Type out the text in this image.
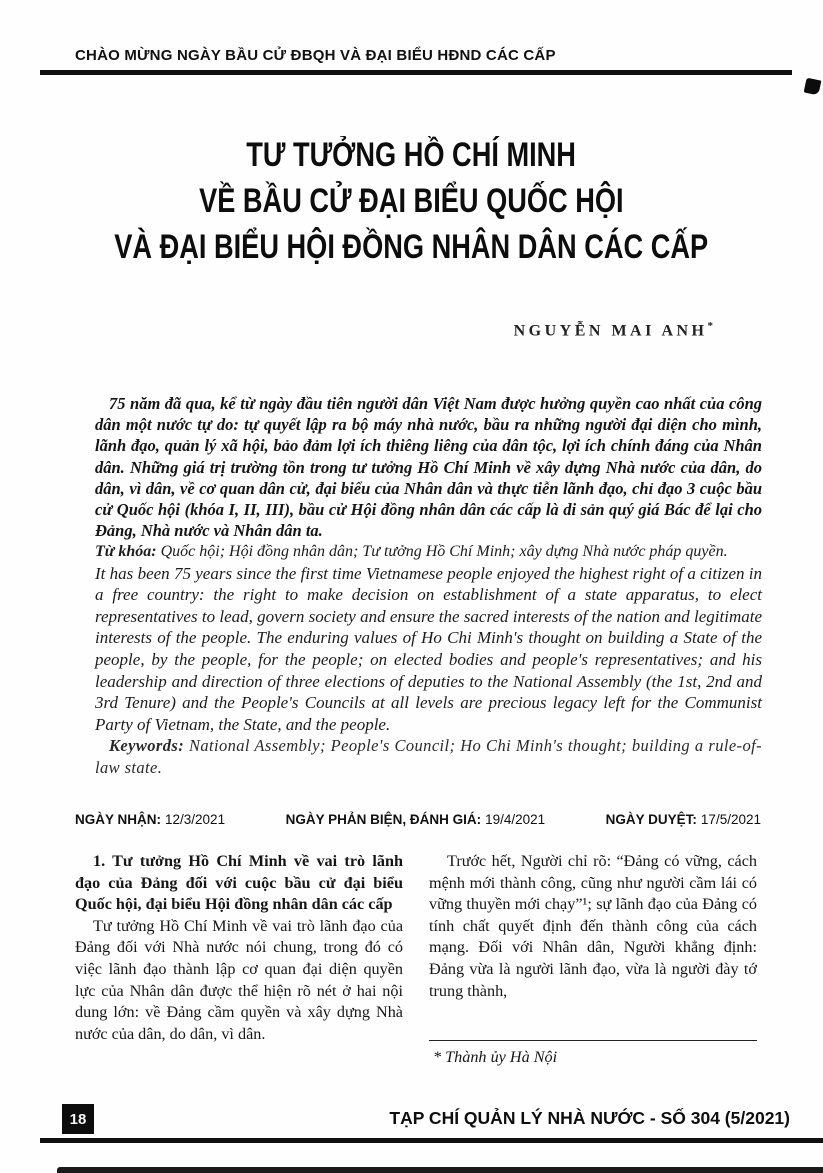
CHÀO MỪNG NGÀY BẦU CỬ ĐBQH VÀ ĐẠI BIỂU HĐND CÁC CẤP
TƯ TƯỞNG HỒ CHÍ MINH
VỀ BẦU CỬ ĐẠI BIỂU QUỐC HỘI
VÀ ĐẠI BIỂU HỘI ĐỒNG NHÂN DÂN CÁC CẤP
NGUYỄN MAI ANH*

75 năm đã qua, kể từ ngày đầu tiên người dân Việt Nam được hưởng quyền cao nhất của công dân một nước tự do: tự quyết lập ra bộ máy nhà nước, bầu ra những người đại diện cho mình, lãnh đạo, quản lý xã hội, bảo đảm lợi ích thiêng liêng của dân tộc, lợi ích chính đáng của Nhân dân. Những giá trị trường tồn trong tư tưởng Hồ Chí Minh về xây dựng Nhà nước của dân, do dân, vì dân, về cơ quan dân cử, đại biểu của Nhân dân và thực tiễn lãnh đạo, chỉ đạo 3 cuộc bầu cử Quốc hội (khóa I, II, III), bầu cử Hội đồng nhân dân các cấp là di sản quý giá Bác để lại cho Đảng, Nhà nước và Nhân dân ta.

Từ khóa: Quốc hội; Hội đồng nhân dân; Tư tưởng Hồ Chí Minh; xây dựng Nhà nước pháp quyền.

It has been 75 years since the first time Vietnamese people enjoyed the highest right of a citizen in a free country: the right to make decision on establishment of a state apparatus, to elect representatives to lead, govern society and ensure the sacred interests of the nation and legitimate interests of the people. The enduring values of Ho Chi Minh's thought on building a State of the people, by the people, for the people; on elected bodies and people's representatives; and his leadership and direction of three elections of deputies to the National Assembly (the 1st, 2nd and 3rd Tenure) and the People's Councils at all levels are precious legacy left for the Communist Party of Vietnam, the State, and the people.

Keywords: National Assembly; People's Council; Ho Chi Minh's thought; building a rule-of-law state.

NGÀY NHẬN: 12/3/2021	NGÀY PHẢN BIỆN, ĐÁNH GIÁ: 19/4/2021	NGÀY DUYỆT: 17/5/2021

1. Tư tưởng Hồ Chí Minh về vai trò lãnh đạo của Đảng đối với cuộc bầu cử đại biểu Quốc hội, đại biểu Hội đồng nhân dân các cấp

Tư tưởng Hồ Chí Minh về vai trò lãnh đạo của Đảng đối với Nhà nước nói chung, trong đó có việc lãnh đạo thành lập cơ quan đại diện quyền lực của Nhân dân được thể hiện rõ nét ở hai nội dung lớn: về Đảng cầm quyền và xây dựng Nhà nước của dân, do dân, vì dân.

Trước hết, Người chỉ rõ: “Đảng có vững, cách mệnh mới thành công, cũng như người cầm lái có vững thuyền mới chạy”¹; sự lãnh đạo của Đảng có tính chất quyết định đến thành công của cách mạng. Đối với Nhân dân, Người khẳng định: Đảng vừa là người lãnh đạo, vừa là người đày tớ trung thành,

* Thành ủy Hà Nội

18	TẠP CHÍ QUẢN LÝ NHÀ NƯỚC - SỐ 304 (5/2021)
